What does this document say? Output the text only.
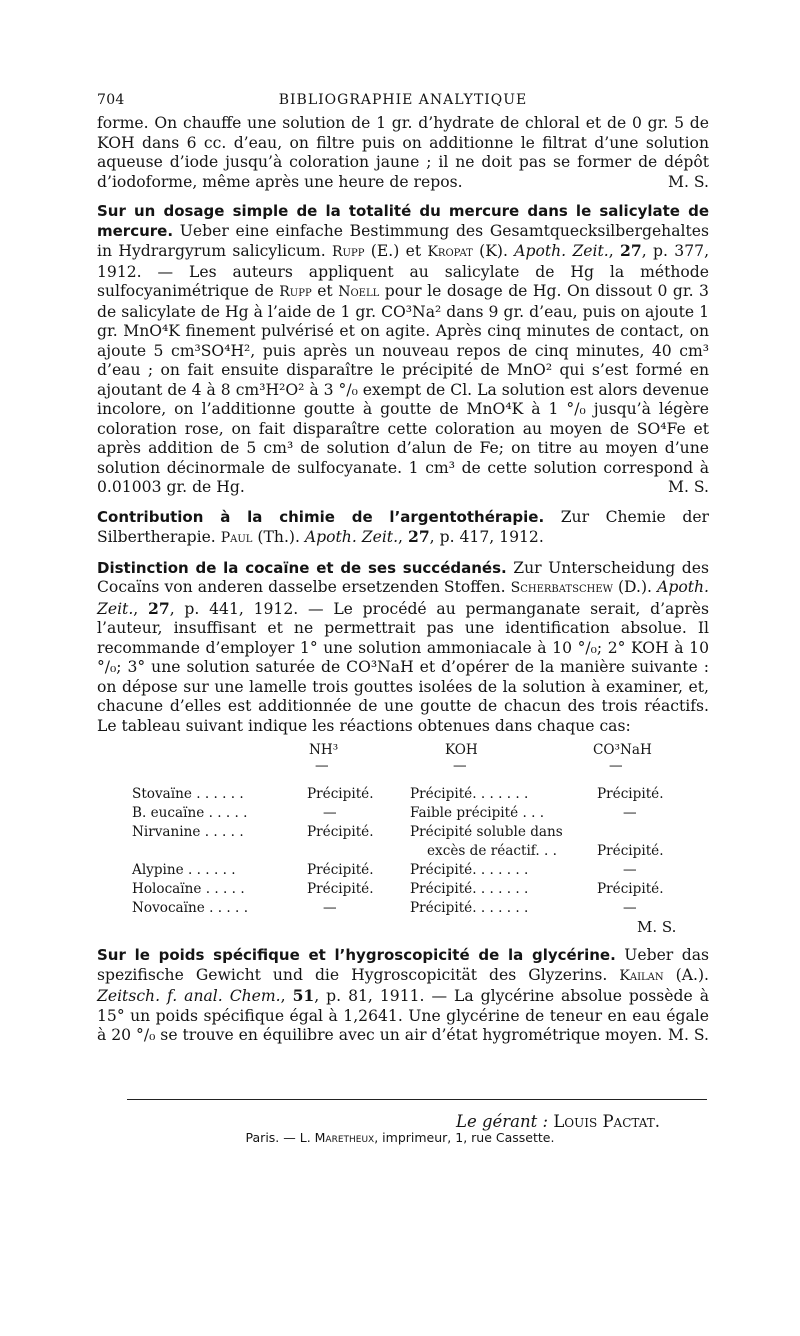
704	BIBLIOGRAPHIE ANALYTIQUE

forme. On chauffe une solution de 1 gr. d’hydrate de chloral et de 0 gr. 5 de KOH dans 6 cc. d’eau, on filtre puis on additionne le filtrat d’une solution aqueuse d’iode jusqu’à coloration jaune ; il ne doit pas se former de dépôt d’iodoforme, même après une heure de repos.	M. S.

Sur un dosage simple de la totalité du mercure dans le salicylate de mercure. Ueber eine einfache Bestimmung des Gesamtquecksilbergehaltes in Hydrargyrum salicylicum. Rupp (E.) et Kropat (K). Apoth. Zeit., 27, p. 377, 1912. — Les auteurs appliquent au salicylate de Hg la méthode sulfocyanimétrique de Rupp et Noell pour le dosage de Hg. On dissout 0 gr. 3 de salicylate de Hg à l’aide de 1 gr. CO³Na² dans 9 gr. d’eau, puis on ajoute 1 gr. MnO⁴K finement pulvérisé et on agite. Après cinq minutes de contact, on ajoute 5 cm³SO⁴H², puis après un nouveau repos de cinq minutes, 40 cm³ d’eau ; on fait ensuite disparaître le précipité de MnO² qui s’est formé en ajoutant de 4 à 8 cm³H²O² à 3 °/₀ exempt de Cl. La solution est alors devenue incolore, on l’additionne goutte à goutte de MnO⁴K à 1 °/₀ jusqu’à légère coloration rose, on fait disparaître cette coloration au moyen de SO⁴Fe et après addition de 5 cm³ de solution d’alun de Fe; on titre au moyen d’une solution décinormale de sulfocyanate. 1 cm³ de cette solution correspond à 0.01003 gr. de Hg.	M. S.

Contribution à la chimie de l’argentothérapie. Zur Chemie der Silbertherapie. Paul (Th.). Apoth. Zeit., 27, p. 417, 1912.

Distinction de la cocaïne et de ses succédanés. Zur Unterscheidung des Cocaïns von anderen dasselbe ersetzenden Stoffen. Scherbatschew (D.). Apoth. Zeit., 27, p. 441, 1912. — Le procédé au permanganate serait, d’après l’auteur, insuffisant et ne permettrait pas une identification absolue. Il recommande d’employer 1° une solution ammoniacale à 10 °/₀; 2° KOH à 10 °/₀; 3° une solution saturée de CO³NaH et d’opérer de la manière suivante : on dépose sur une lamelle trois gouttes isolées de la solution à examiner, et, chacune d’elles est additionnée de une goutte de chacun des trois réactifs. Le tableau suivant indique les réactions obtenues dans chaque cas:

NH³	KOH	CO³NaH
—	—	—
Stovaïne . . . . . .	Précipité.	Précipité. . . . . . .	Précipité.
B. eucaïne . . . . .	—	Faible précipité . . .	—
Nirvanine . . . . .	Précipité.	Précipité soluble dans
excès de réactif. . .	Précipité.
Alypine . . . . . .	Précipité.	Précipité. . . . . . .	—
Holocaïne . . . . .	Précipité.	Précipité. . . . . . .	Précipité.
Novocaïne . . . . .	—	Précipité. . . . . . .	—
M. S.

Sur le poids spécifique et l’hygroscopicité de la glycérine. Ueber das spezifische Gewicht und die Hygroscopicität des Glyzerins. Kailan (A.). Zeitsch. f. anal. Chem., 51, p. 81, 1911. — La glycérine absolue possède à 15° un poids spécifique égal à 1,2641. Une glycérine de teneur en eau égale à 20 °/₀ se trouve en équilibre avec un air d’état hygrométrique moyen. M. S.

Le gérant : Louis Pactat.
Paris. — L. Maretheux, imprimeur, 1, rue Cassette.
